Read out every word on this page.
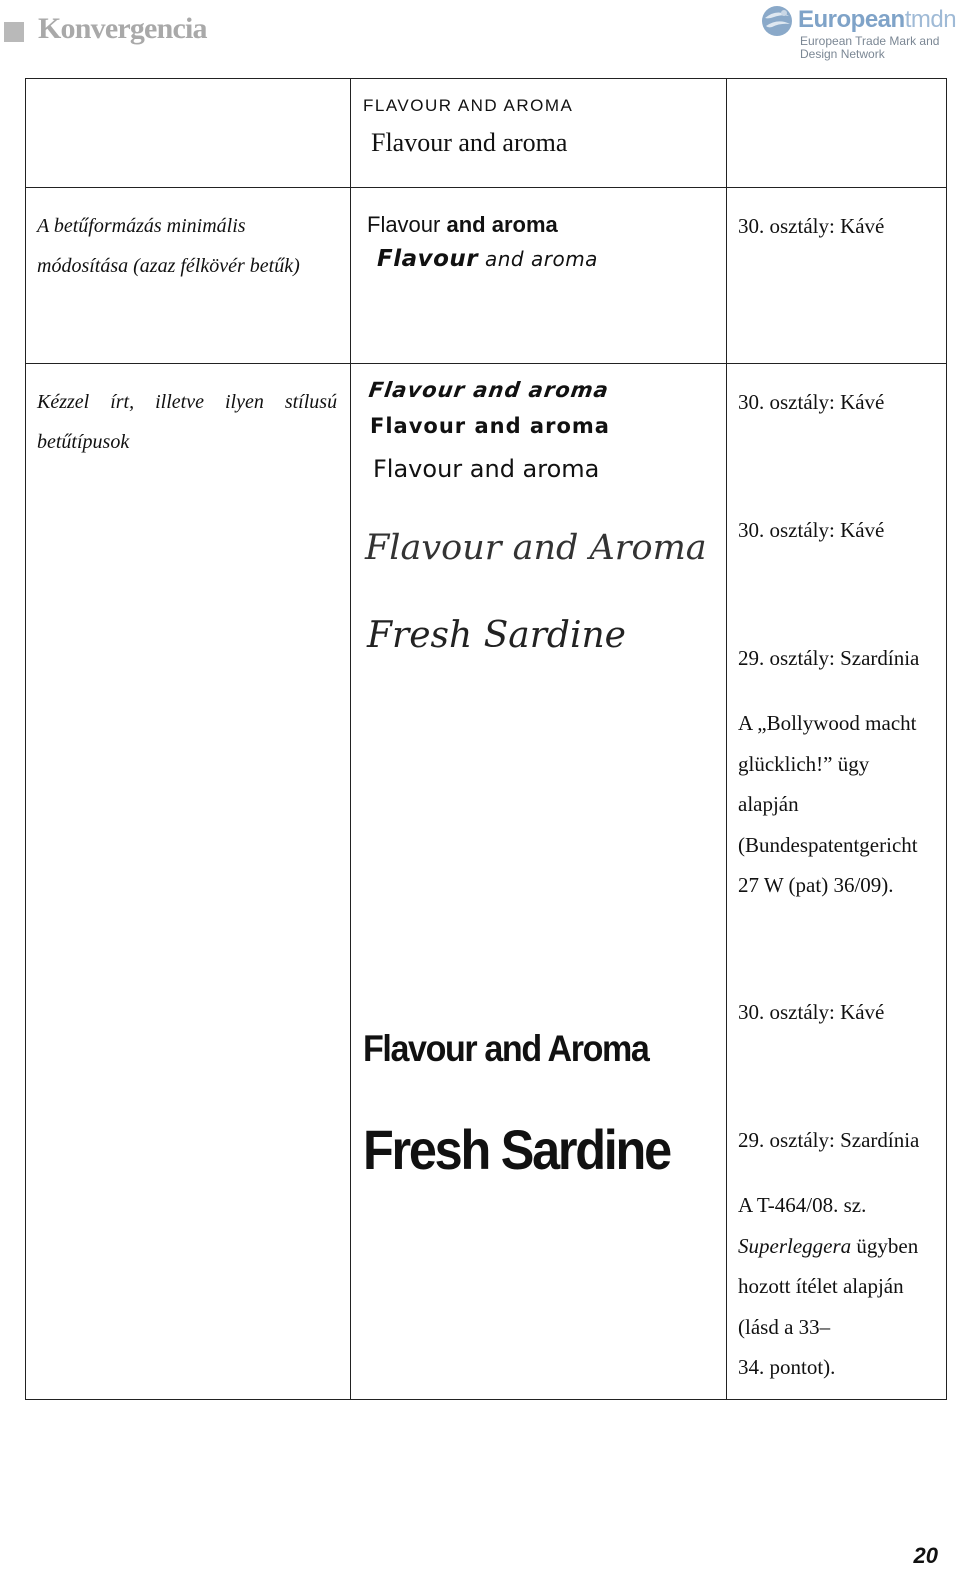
Konvergencia	Europeantmdn
European Trade Mark and
Design Network
FLAVOUR AND AROMA
Flavour and aroma
A betűformázás minimális módosítása (azaz félkövér betűk)
Flavour and aroma
Flavour and aroma
30. osztály: Kávé
Kézzel írt, illetve ilyen stílusú
betűtípusok
Flavour and aroma
Flavour and aroma
Flavour and aroma
Flavour and Aroma
Fresh Sardine
Flavour and Aroma
Fresh Sardine
30. osztály: Kávé
30. osztály: Kávé
29. osztály: Szardínia
A „Bollywood macht
glücklich!” ügy
alapján
(Bundespatentgericht
27 W (pat) 36/09).
30. osztály: Kávé
29. osztály: Szardínia
A T-464/08. sz.
Superleggera ügyben
hozott ítélet alapján
(lásd a 33–
34. pontot).
20
